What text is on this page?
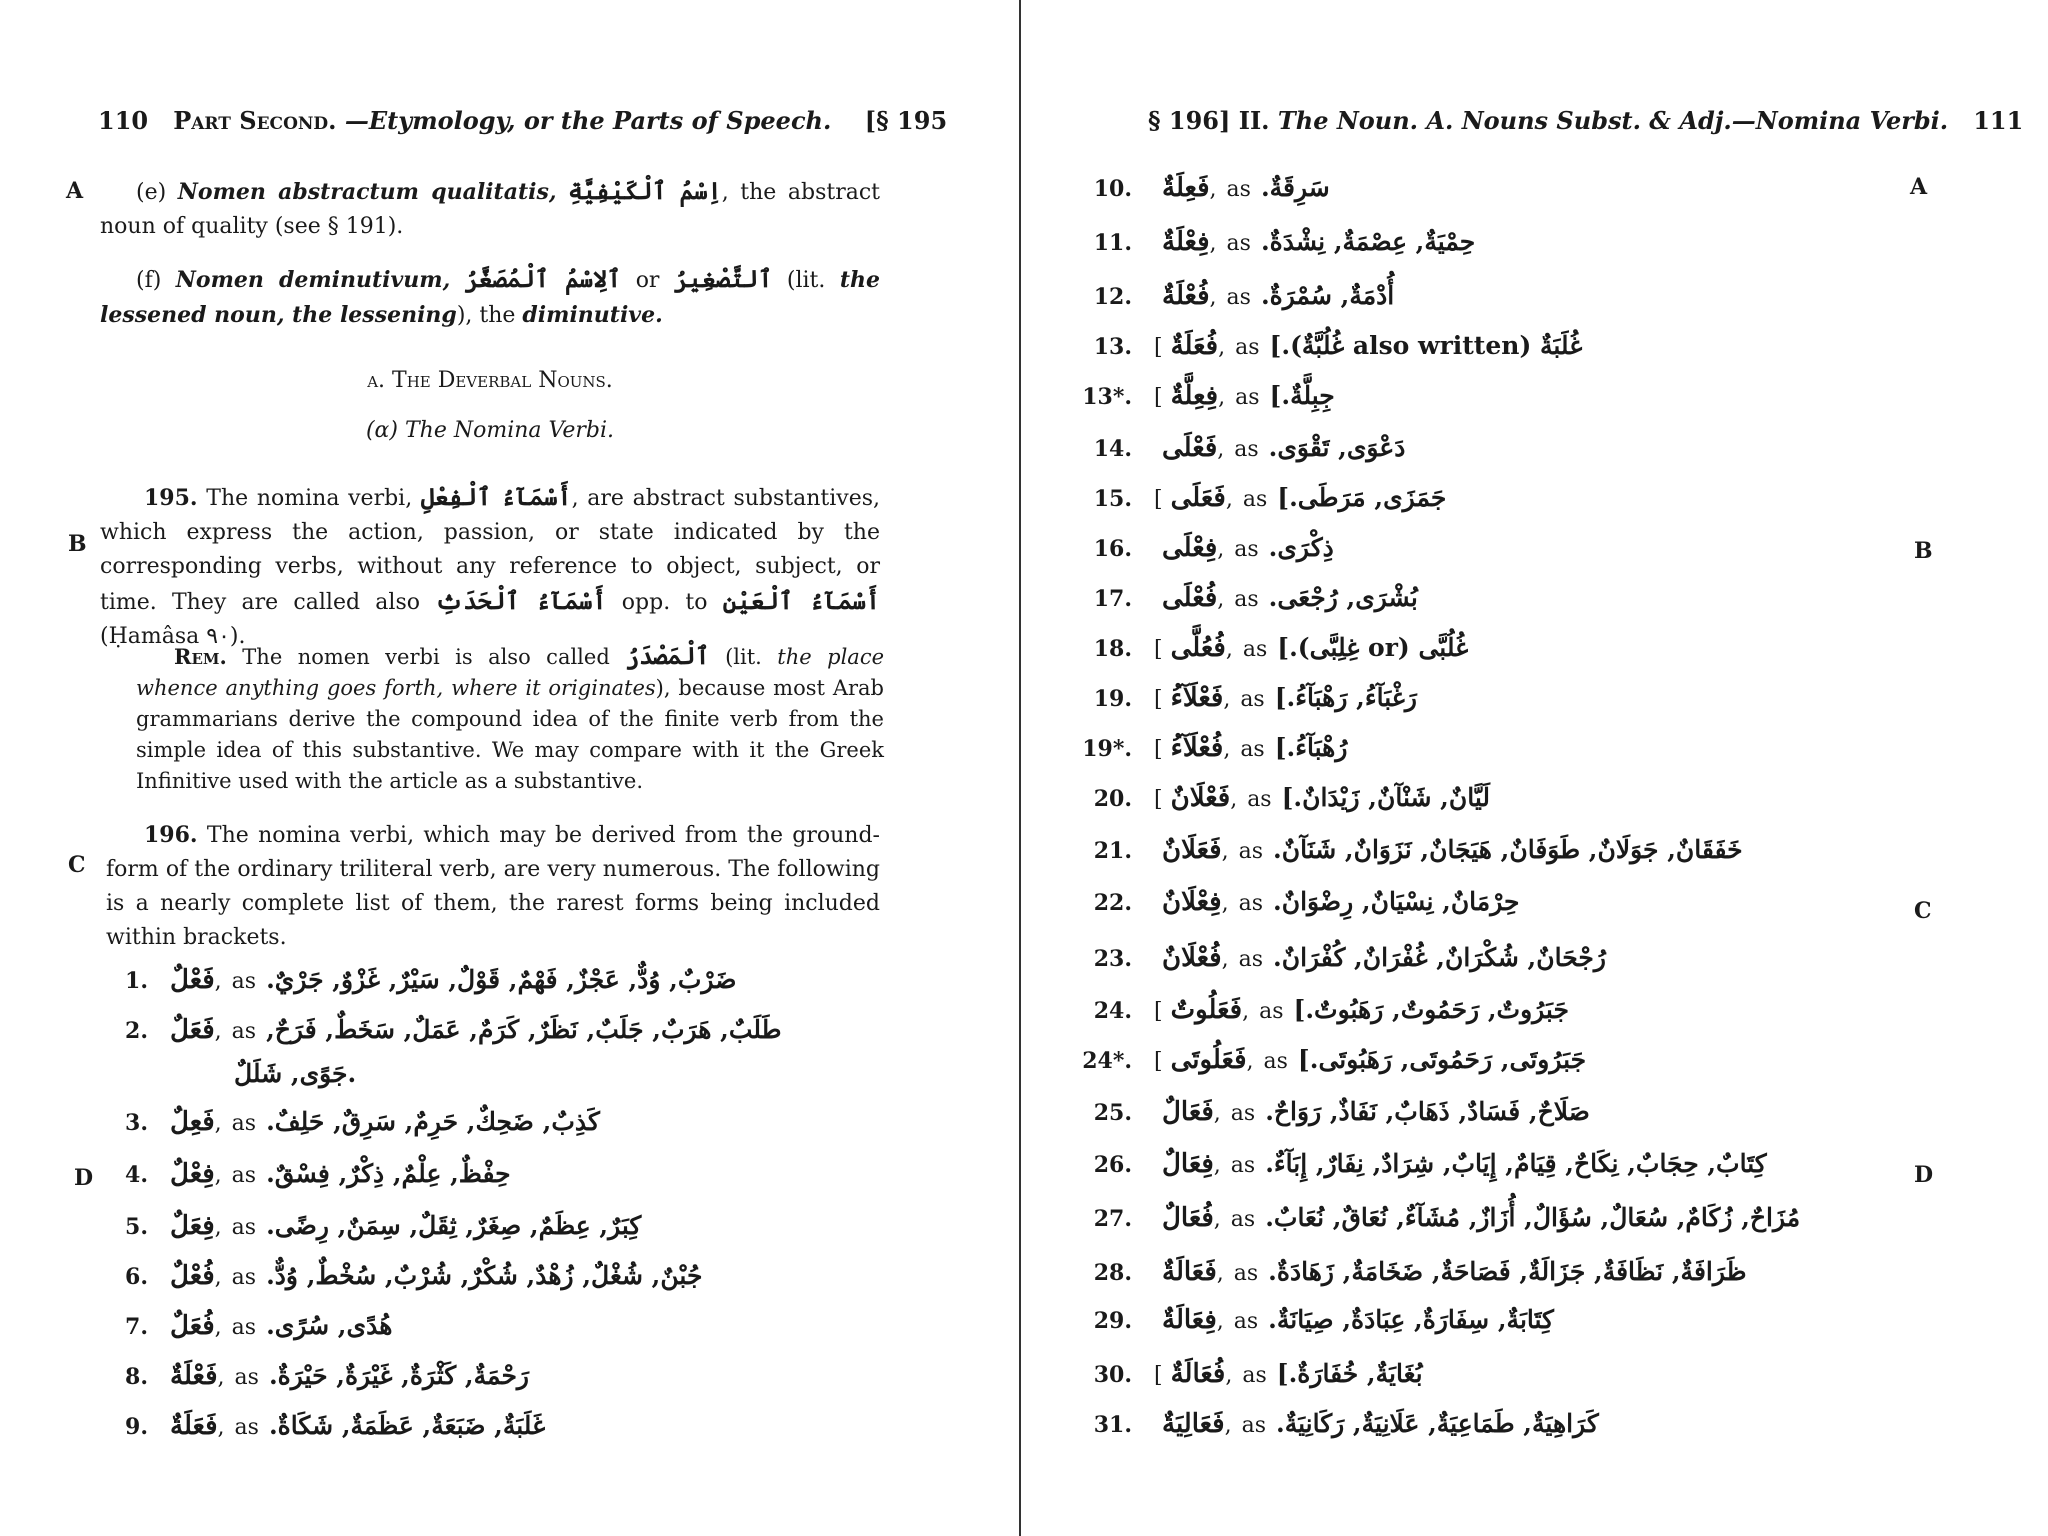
110 Part Second. —Etymology, or the Parts of Speech. [§ 195
A
B
C
D
(e) Nomen abstractum qualitatis, اِسْمُ ٱلْكَيْفِيَّةِ, the abstract noun of quality (see § 191).
(f) Nomen deminutivum, ٱلِاسْمُ ٱلْمُصَغَّرُ or ٱلتَّصْغِيرُ (lit. the lessened noun, the lessening), the diminutive.
a. The Deverbal Nouns.
(α) The Nomina Verbi.
195. The nomina verbi, أَسْمَآءُ ٱلْفِعْلِ, are abstract substantives, which express the action, passion, or state indicated by the corresponding verbs, without any reference to object, subject, or time. They are called also أَسْمَآءُ ٱلْحَدَثِ opp. to أَسْمَآءُ ٱلْعَيْنِ (Ḥamâsa ٩٠).
Rem. The nomen verbi is also called ٱلْمَصْدَرُ (lit. the place whence anything goes forth, where it originates), because most Arab grammarians derive the compound idea of the finite verb from the simple idea of this substantive. We may compare with it the Greek Infinitive used with the article as a substantive.
196. The nomina verbi, which may be derived from the ground-form of the ordinary triliteral verb, are very numerous. The following is a nearly complete list of them, the rarest forms being included within brackets.
1. فَعْلٌ, as ضَرْبٌ, وُدٌّ, عَجْزٌ, فَهْمٌ, قَوْلٌ, سَيْرٌ, غَزْوٌ, جَرْيٌ.
2. فَعَلٌ, as طَلَبٌ, هَرَبٌ, جَلَبٌ, نَظَرٌ, كَرَمٌ, عَمَلٌ, سَخَطٌ, فَرَحٌ,
جَوًى, شَلَلٌ.
3. فَعِلٌ, as كَذِبٌ, ضَحِكٌ, حَرِمٌ, سَرِقٌ, حَلِفٌ.
4. فِعْلٌ, as حِفْظٌ, عِلْمٌ, ذِكْرٌ, فِسْقٌ.
5. فِعَلٌ, as كِبَرٌ, عِظَمٌ, صِغَرٌ, ثِقَلٌ, سِمَنٌ, رِضًى.
6. فُعْلٌ, as جُبْنٌ, شُغْلٌ, زُهْدٌ, شُكْرٌ, شُرْبٌ, سُخْطٌ, وُدٌّ.
7. فُعَلٌ, as هُدًى, سُرًى.
8. فَعْلَةٌ, as رَحْمَةٌ, كَثْرَةٌ, غَيْرَةٌ, حَيْرَةٌ.
9. فَعَلَةٌ, as غَلَبَةٌ, ضَبَعَةٌ, عَظَمَةٌ, شَكَاةٌ.
§ 196] II. The Noun. A. Nouns Subst. & Adj.—Nomina Verbi. 111
A
B
C
D
10. فَعِلَةٌ, as سَرِقَةٌ.
11. فِعْلَةٌ, as حِمْيَةٌ, عِصْمَةٌ, نِشْدَةٌ.
12. فُعْلَةٌ, as أُدْمَةٌ, سُمْرَةٌ.
13. [ فُعَلَةٌ, as غُلَبَةٌ (also written غُلُبَّةٌ).]
13*. [ فِعِلَّةٌ, as جِبِلَّةٌ.]
14. فَعْلَى, as دَعْوَى, تَقْوَى.
15. [ فَعَلَى, as جَمَزَى, مَرَطَى.]
16. فِعْلَى, as ذِكْرَى.
17. فُعْلَى, as بُشْرَى, رُجْعَى.
18. [ فُعُلَّى, as غُلُبَّى (or غِلِبَّى).]
19. [ فَعْلَآءُ, as رَغْبَآءُ, رَهْبَآءُ.]
19*. [ فُعْلَآءُ, as رُهْبَآءُ.]
20. [ فَعْلَانٌ, as لَيَّانٌ, شَنْآنٌ, زَيْدَانٌ.]
21. فَعَلَانٌ, as خَفَقَانٌ, جَوَلَانٌ, طَوَفَانٌ, هَيَجَانٌ, نَزَوَانٌ, شَنَآنٌ.
22. فِعْلَانٌ, as حِرْمَانٌ, نِسْيَانٌ, رِضْوَانٌ.
23. فُعْلَانٌ, as رُجْحَانٌ, شُكْرَانٌ, غُفْرَانٌ, كُفْرَانٌ.
24. [ فَعَلُوتٌ, as جَبَرُوتٌ, رَحَمُوتٌ, رَهَبُوتٌ.]
24*. [ فَعَلُوتَى, as جَبَرُوتَى, رَحَمُوتَى, رَهَبُوتَى.]
25. فَعَالٌ, as صَلَاحٌ, فَسَادٌ, ذَهَابٌ, نَفَاذٌ, رَوَاحٌ.
26. فِعَالٌ, as كِتَابٌ, حِجَابٌ, نِكَاحٌ, قِيَامٌ, إِيَابٌ, شِرَادٌ, نِفَارٌ, إِبَآءٌ.
27. فُعَالٌ, as مُزَاحٌ, زُكَامٌ, سُعَالٌ, سُؤَالٌ, أُزَازٌ, مُشَآءٌ, نُعَاقٌ, نُعَابٌ.
28. فَعَالَةٌ, as ظَرَافَةٌ, نَظَافَةٌ, جَزَالَةٌ, فَصَاحَةٌ, ضَخَامَةٌ, زَهَادَةٌ.
29. فِعَالَةٌ, as كِتَابَةٌ, سِفَارَةٌ, عِبَادَةٌ, صِيَانَةٌ.
30. [ فُعَالَةٌ, as بُغَايَةٌ, خُفَارَةٌ.]
31. فَعَالِيَةٌ, as كَرَاهِيَةٌ, طَمَاعِيَةٌ, عَلَانِيَةٌ, رَكَانِيَةٌ.
